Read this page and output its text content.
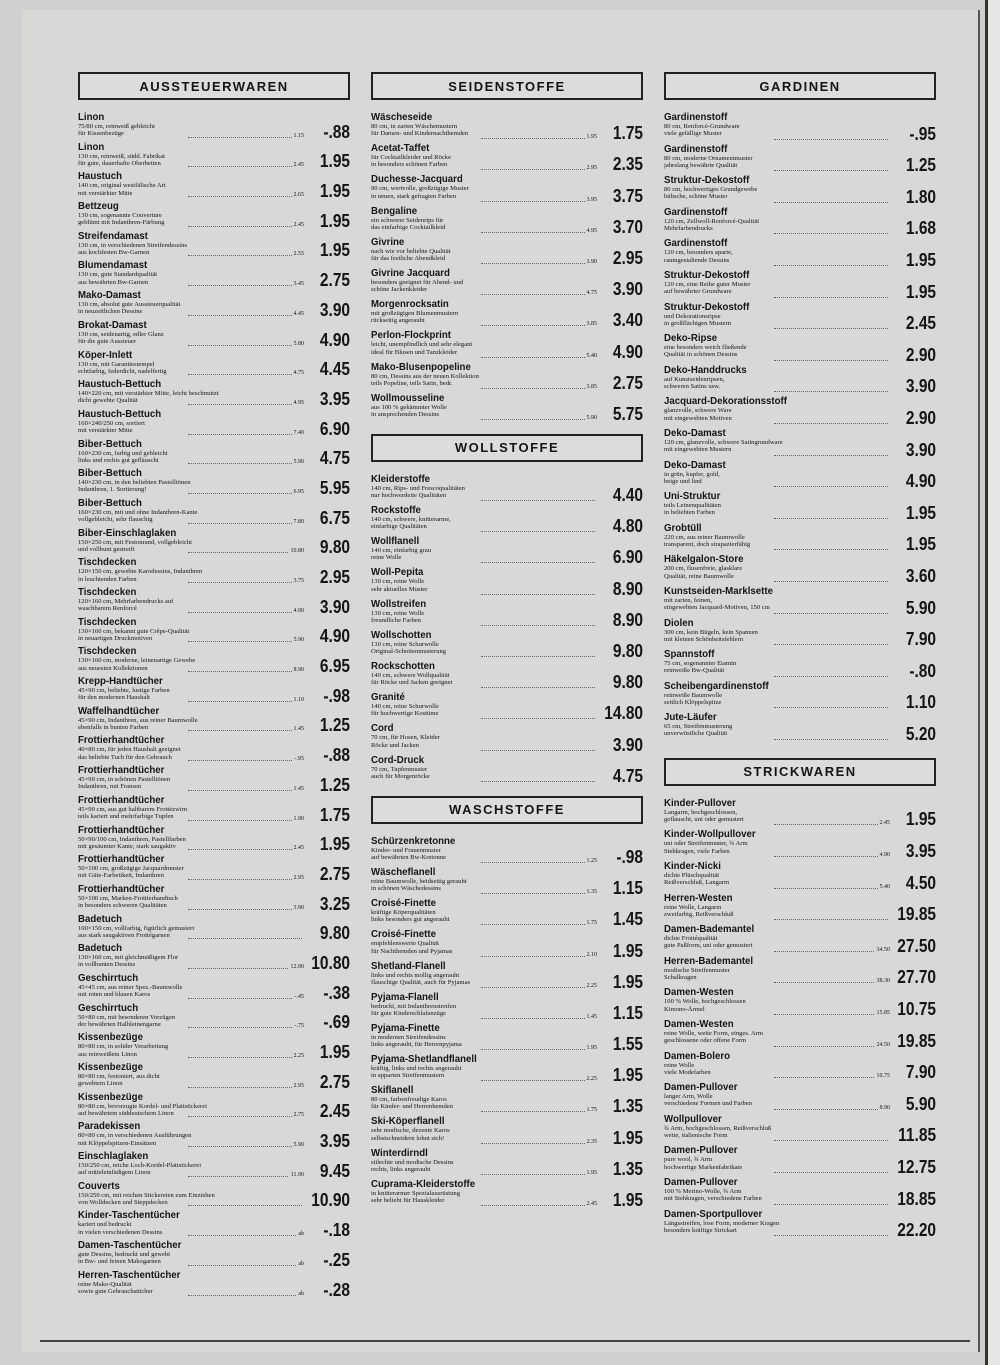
AUSSTEUERWAREN
Linon
75/80 cm, reinweiß gebleicht
für Kissenbezüge	1.15 -.88
Linon
130 cm, reinweiß, südd. Fabrikat
für gute, dauerhafte Oberbetten	2.45 1.95
Haustuch
140 cm, original westfälische Art
mit verstärkter Mitte	2.65 1.95
Bettzeug
130 cm, sogenannte Couverture
geblümt mit Indanthren-Färbung	2.45 1.95
Streifendamast
130 cm, in verschiedenen Streifendessins
aus kochfesten Bw-Garnen	2.55 1.95
Blumendamast
130 cm, gute Standardqualität
aus bewährten Bw-Garnen	3.45 2.75
Mako-Damast
130 cm, absolut gute Aussteuerqualität
in neuzeitlichen Dessins	4.45 3.90
Brokat-Damast
130 cm, seidenartig, edler Glanz
für die gute Aussteuer	5.80 4.90
Köper-Inlett
130 cm, mit Garantiestempel
echtfarbig, federdicht, nadelfertig	4.75 4.45
Haustuch-Bettuch
140×220 cm, mit verstärkter Mitte, leicht beschmutzt
dicht gewebte Qualität	4.95 3.95
Haustuch-Bettuch
160×240/250 cm, sortiert
mit verstärkter Mitte	7.40 6.90
Biber-Bettuch
160×230 cm, farbig und gebleicht
links und rechts gut gefläuscht	5.90 4.75
Biber-Bettuch
140×230 cm, in den beliebten Pastelltönen
Indanthren, 1. Sortierung!	6.95 5.95
Biber-Bettuch
160×230 cm, mit und ohne Indanthren-Kante
vollgebleicht, sehr flauschig	7.80 6.75
Biber-Einschlaglaken
150×250 cm, mit Festonrand, vollgebleicht
und vollbunt gestreift	10.80 9.80
Tischdecken
120×150 cm, gewebte Karodessins, Indanthren
in leuchtenden Farben	3.75 2.95
Tischdecken
120×160 cm, Mehrfarbendrucks auf
waschbarem Renforcé	4.90 3.90
Tischdecken
130×160 cm, bekannt gute Crêpe-Qualität
in neuartigen Druckmotiven	5.90 4.90
Tischdecken
130×160 cm, moderne, leinenartige Gewebe
aus neuesten Kollektionen	8.90 6.95
Krepp-Handtücher
45×90 cm, beliebte, lustige Farben
für den modernen Haushalt	1.10 -.98
Waffelhandtücher
45×90 cm, Indanthren, aus reiner Baumwolle
ebenfalls in bunten Farben	1.45 1.25
Frottierhandtücher
40×80 cm, für jeden Haushalt geeignet
das beliebte Tuch für den Gebrauch	-.95 -.88
Frottierhandtücher
45×90 cm, in schönen Pastelltönen
Indanthren, mit Fransen	1.45 1.25
Frottierhandtücher
45×90 cm, aus gut haltbarem Frottézwirn
teils kariert und mehrfarbige Tupfen	1.90 1.75
Frottierhandtücher
50×90/100 cm, Indanthren, Pastellfarben
mit gesäumter Kante, stark saugaktiv	2.45 1.95
Frottierhandtücher
50×100 cm, großzügige Jacquardmuster
mit Güte-Farbetikett, Indanthren	2.95 2.75
Frottierhandtücher
50×100 cm, Marken-Frottierhandtuch
in besonders schweren Qualitäten	3.90 3.25
Badetuch
100×150 cm, vollfarbig, figürlich gemustert
aus stark saugaktiven Frottégarnen	9.80
Badetuch
130×160 cm, mit gleichmäßigem Flor
in vollbunten Dessins	12.90 10.80
Geschirrtuch
45×45 cm, aus reiner Spez.-Baumwolle
mit roten und blauen Karos	-.45 -.38
Geschirrtuch
50×80 cm, mit besonderen Vorzügen
der bewährten Halbleinengarne	-.75 -.69
Kissenbezüge
80×80 cm, in solider Verarbeitung
aus reinweißem Linon	2.25 1.95
Kissenbezüge
80×80 cm, festoniert, aus dicht
gewebtem Linon	2.95 2.75
Kissenbezüge
80×80 cm, bevorzugte Kordel- und Plattstickerei
auf bewährtem süddeutschem Linon	2.75 2.45
Paradekissen
80×80 cm, in verschiedenen Ausführungen
mit Klöppelspitzen-Einsätzen	5.90 3.95
Einschlaglaken
150/250 cm, reiche Loch-Kordel-Plattstickerei
auf mitteleinfädigem Linon	11.90 9.45
Couverts
150/250 cm, mit reichen Stickereien zum Einziehen
von Wolldecken und Steppdecken	10.90
Kinder-Taschentücher
kariert und bedruckt
in vielen verschiedenen Dessins	ab -.18
Damen-Taschentücher
gute Dessins, bedruckt und gewebt
in Bw- und feinen Makogarnen	ab -.25
Herren-Taschentücher
reine Mako-Qualität
sowie gute Gebrauchstücher	ab -.28
SEIDENSTOFFE
Wäscheseide
80 cm, in zarten Wäschemustern
für Damen- und Kindernachthemden	1.95 1.75
Acetat-Taffet
für Cocktailkleider und Röcke
in besonders schönen Farben	2.95 2.35
Duchesse-Jacquard
90 cm, wertvolle, großzügige Muster
in neuen, stark gefragten Farben	3.95 3.75
Bengaline
ein schwerer Seidenrips für
das einfarbige Cocktailkleid	4.95 3.70
Givrine
nach wie vor beliebte Qualität
für das festliche Abendkleid	3.90 2.95
Givrine Jacquard
besonders geeignet für Abend- und
schöne Jackenkleider	4.75 3.90
Morgenrocksatin
mit großzügigen Blumenmustern
rückseitig angerauht	3.85 3.40
Perlon-Flockprint
leicht, unempfindlich und sehr elegant
ideal für Blusen und Tanzkleider	5.40 4.90
Mako-Blusenpopeline
80 cm, Dessins aus der neuen Kollektion
teils Popeline, teils Satin, bedr.	3.85 2.75
Wollmousseline
aus 100 % gekämmter Wolle
in ansprechenden Dessins	5.90 5.75
WOLLSTOFFE
Kleiderstoffe
140 cm, Rips- und Frescoqualitäten
nur hochwerdeite Qualitäten	4.40
Rockstoffe
140 cm, schwere, knitterarme,
einfarbige Qualitäten	4.80
Wollflanell
140 cm, einfarbig grau
reine Wolle	6.90
Woll-Pepita
130 cm, reine Wolle
sehr aktuelles Muster	8.90
Wollstreifen
130 cm, reine Wolle
freundliche Farben	8.90
Wollschotten
130 cm, reine Schurwolle
Original-Schottenmusterung	9.80
Rockschotten
140 cm, schwere Wollqualität
für Röcke und Jacken geeignet	9.80
Granité
140 cm, reine Schurwolle
für hochwertige Kostüme	14.80
Cord
70 cm, für Hosen, Kleider
Röcke und Jacken	3.90
Cord-Druck
70 cm, Tupfenmuster
auch für Morgenröcke	4.75
WASCHSTOFFE
Schürzenkretonne
Kinder- und Frauenmuster
auf bewährten Bw-Kretonne	1.25 -.98
Wäscheflanell
reine Baumwolle, beidseitig gerauht
in schönen Wäschedessins	1.35 1.15
Croisé-Finette
kräftige Köperqualitäten
links besonders gut angerauht	1.75 1.45
Croisé-Finette
empfehlenswerte Qualität
für Nachthemden und Pyjamas	2.10 1.95
Shetland-Flanell
links und rechts mollig angerauht
flauschige Qualität, auch für Pyjamas	2.25 1.95
Pyjama-Flanell
bedruckt, mit Indanthrenstreifen
für gute Kinderschlafanzüge	1.45 1.15
Pyjama-Finette
in modernen Streifendessins
links angerauht, für Herrenpyjama	1.95 1.55
Pyjama-Shetlandflanell
kräftig, links und rechts angerauht
in apparten Streifenmustern	2.25 1.95
Skiflanell
80 cm, farbenfreudige Karos
für Kinder- und Herrenhemden	1.75 1.35
Ski-Köperflanell
sehr modische, dezente Karos
selbstschneidern lohnt sich!	2.35 1.95
Winterdirndl
stilechte und modische Dessins
rechts, links angerauht	1.95 1.35
Cuprama-Kleiderstoffe
in knitterarmer Spezialausrüstung
sehr beliebt für Hauskleider	2.45 1.95
GARDINEN
Gardinenstoff
80 cm, Renforcé-Grundware
viele gefällige Muster	-.95
Gardinenstoff
80 cm, moderne Ornamentmuster
jahrelang bewährte Qualität	1.25
Struktur-Dekostoff
80 cm, hochwertiges Grundgewebe
hübsche, schöne Muster	1.80
Gardinenstoff
120 cm, Zellwoll-Renforcé-Qualität
Mehrfarbendrucks	1.68
Gardinenstoff
120 cm, besonders aparte,
raumgestaltende Dessins	1.95
Struktur-Dekostoff
120 cm, eine Reihe guter Muster
auf bewährter Grundware	1.95
Struktur-Dekostoff
und Dekorationsripse
in großflächigen Mustern	2.45
Deko-Ripse
eine besonders weich fließende
Qualität in schönen Dessins	2.90
Deko-Handdrucks
auf Kunstseidenripsen,
schweren Satins usw.	3.90
Jacquard-Dekorationsstoff
glanzvolle, schwere Ware
mit eingewebten Motiven	2.90
Deko-Damast
120 cm, glanzvolle, schwere Satingrundware
mit eingewebten Mustern	3.90
Deko-Damast
in grün, kupfer, gold,
beige und lind	4.90
Uni-Struktur
teils Leinenqualitäten
in beliebten Farben	1.95
Grobtüll
220 cm, aus reiner Baumwolle
transparent, doch strapazierfähig	1.95
Häkelgalon-Store
200 cm, flusenfreie, glasklare
Qualität, reine Baumwolle	3.60
Kunstseiden-Marklsette
mit zarten, feinen,
eingewebten Jacquard-Motiven, 150 cm	5.90
Diolen
300 cm, kein Bügeln, kein Spannen
mit kleinen Schönheitsfehlern	7.90
Spannstoff
75 cm, sogenannter Etamin
reinweiße Bw-Qualität	-.80
Scheibengardinenstoff
reinweiße Baumwolle
seitlich Klöppelspitze	1.10
Jute-Läufer
65 cm, Streifenmusterung
unverwüstliche Qualität	5.20
STRICKWAREN
Kinder-Pullover
Langarm, hochgeschlossen,
geflauscht, uni oder gemustert
2.45 1.95
Kinder-Wollpullover
uni oder Streifenmuster, ¾ Arm
Stehkragen, viele Farben
4.90 3.95
Kinder-Nicki
dichte Plüschqualität
Reißverschluß, Langarm
5.40 4.50
Herren-Westen
reine Wolle, Langarm
zweifarbig, Reißverschluß	19.85
Damen-Bademantel
dichte Frottéqualität
gute Paßform, uni oder gemustert
34.50 27.50
Herren-Bademantel
modische Streifenmuster
Schalkragen
38.30 27.70
Damen-Westen
100 % Wolle, hochgeschlossen
Kimono-Ärmel
15.85 10.75
Damen-Westen
reine Wolle, weite Form, einges. Arm
geschlossene oder offene Form
24.50 19.85
Damen-Bolero
reine Wolle
viele Modefarben
10.75 7.90
Damen-Pullover
langer Arm, Wolle
verschiedene Formen und Farben
8.90 5.90
Wollpullover
¾ Arm, hochgeschlossen, Reißverschluß
weite, italienische Form	11.85
Damen-Pullover
pure wool, ¾ Arm
hochwertige Markenfabrikate	12.75
Damen-Pullover
100 % Merino-Wolle, ¾ Arm
mit Stehkragen, verschiedene Farben	18.85
Damen-Sportpullover
Längsstreifen, lose Form, moderner Kragen
besonders kräftige Strickart	22.20
